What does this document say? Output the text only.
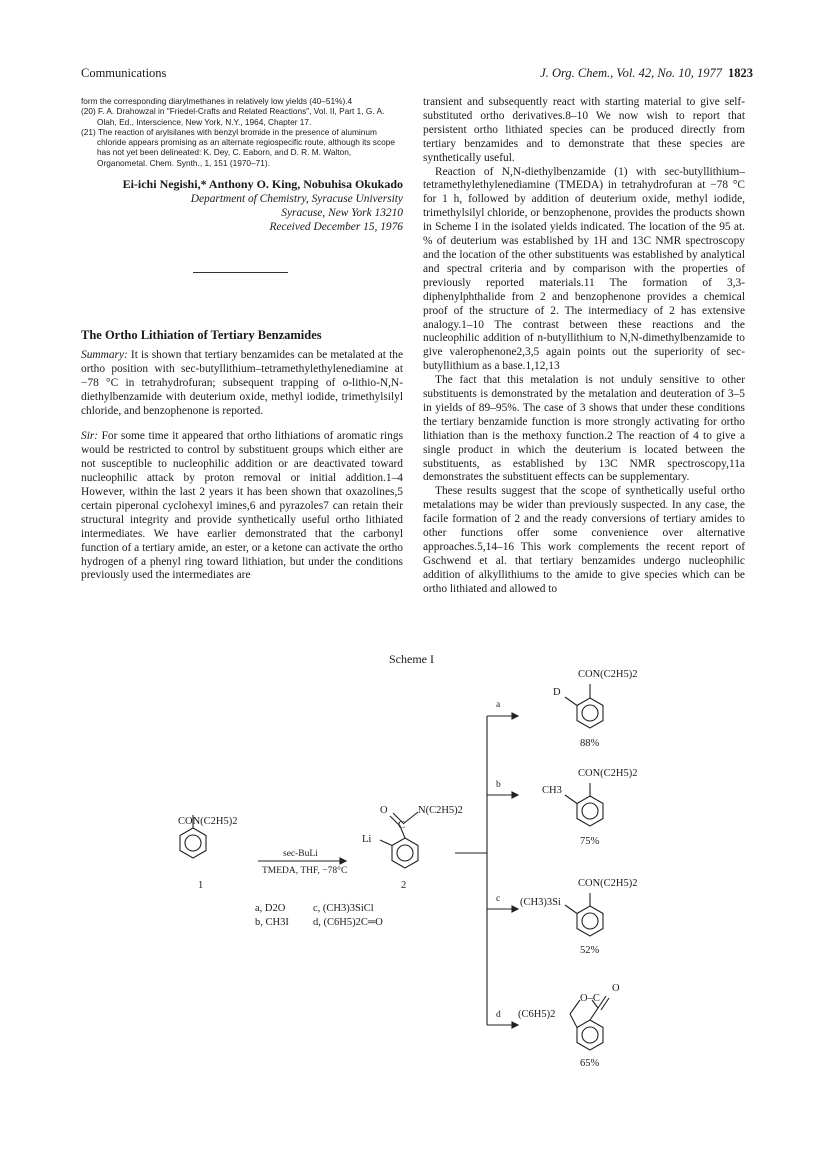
Communications	J. Org. Chem., Vol. 42, No. 10, 1977 1823

form the corresponding diarylmethanes in relatively low yields (40–51%).4

(20) F. A. Drahowzal in "Friedel-Crafts and Related Reactions", Vol. II, Part 1, G. A. Olah, Ed., Interscience, New York, N.Y., 1964, Chapter 17.

(21) The reaction of arylsilanes with benzyl bromide in the presence of aluminum chloride appears promising as an alternate regiospecific route, although its scope has not yet been delineated: K. Dey, C. Eaborn, and D. R. M. Walton, Organometal. Chem. Synth., 1, 151 (1970–71).

Ei-ichi Negishi,* Anthony O. King, Nobuhisa Okukado
Department of Chemistry, Syracuse University
Syracuse, New York 13210
Received December 15, 1976
The Ortho Lithiation of Tertiary Benzamides
Summary: It is shown that tertiary benzamides can be metalated at the ortho position with sec-butyllithium–tetramethylethylenediamine at −78 °C in tetrahydrofuran; subsequent trapping of o-lithio-N,N-diethylbenzamide with deuterium oxide, methyl iodide, trimethylsilyl chloride, and benzophenone is reported.
Sir: For some time it appeared that ortho lithiations of aromatic rings would be restricted to control by substituent groups which either are not susceptible to nucleophilic addition or are deactivated toward nucleophilic attack by proton removal or initial addition.1–4 However, within the last 2 years it has been shown that oxazolines,5 certain piperonal cyclohexyl imines,6 and pyrazoles7 can retain their structural integrity and provide synthetically useful ortho lithiated intermediates. We have earlier demonstrated that the carbonyl function of a tertiary amide, an ester, or a ketone can activate the ortho hydrogen of a phenyl ring toward lithiation, but under the conditions previously used the intermediates are

transient and subsequently react with starting material to give self-substituted ortho derivatives.8–10 We now wish to report that persistent ortho lithiated species can be produced directly from tertiary benzamides and to demonstrate that these species are synthetically useful.

Reaction of N,N-diethylbenzamide (1) with sec-butyllithium–tetramethylethylenediamine (TMEDA) in tetrahydrofuran at −78 °C for 1 h, followed by addition of deuterium oxide, methyl iodide, trimethylsilyl chloride, or benzophenone, provides the products shown in Scheme I in the isolated yields indicated. The location of the 95 at. % of deuterium was established by 1H and 13C NMR spectroscopy and the location of the other substituents was established by analytical and spectral criteria and by comparison with the properties of previously reported materials.11 The formation of 3,3-diphenylphthalide from 2 and benzophenone provides a chemical proof of the structure of 2. The intermediacy of 2 has extensive analogy.1–10 The contrast between these reactions and the nucleophilic addition of n-butyllithium to N,N-dimethylbenzamide to give valerophenone2,3,5 again points out the superiority of sec-butyllithium as a base.1,12,13

The fact that this metalation is not unduly sensitive to other substituents is demonstrated by the metalation and deuteration of 3–5 in yields of 89–95%. The case of 3 shows that under these conditions the tertiary benzamide function is more strongly activating for ortho lithiation than is the methoxy function.2 The reaction of 4 to give a single product in which the deuterium is located between the substituents, as established by 13C NMR spectroscopy,11a demonstrates the substituent effects can be supplementary.

These results suggest that the scope of synthetically useful ortho metalations may be wider than previously suspected. In any case, the facile formation of 2 and the ready conversions of tertiary amides to other functions offer some convenience over alternative approaches.5,14–16 This work complements the recent report of Gschwend et al. that tertiary benzamides undergo nucleophilic addition of alkyllithiums to the amide to give species which can be ortho lithiated and allowed to

Scheme I
CON(C2H5)2
1
sec-BuLi
TMEDA, THF, −78°C
O	N(C2H5)2
C
Li
2
a, D2O	c, (CH3)3SiCl
b, CH3I d, (C6H5)2C═O
a
b
c
d
CON(C2H5)2
D
88%
CON(C2H5)2
CH3
75%
CON(C2H5)2
(CH3)3Si
52%
O
O–C
(C6H5)2
65%
